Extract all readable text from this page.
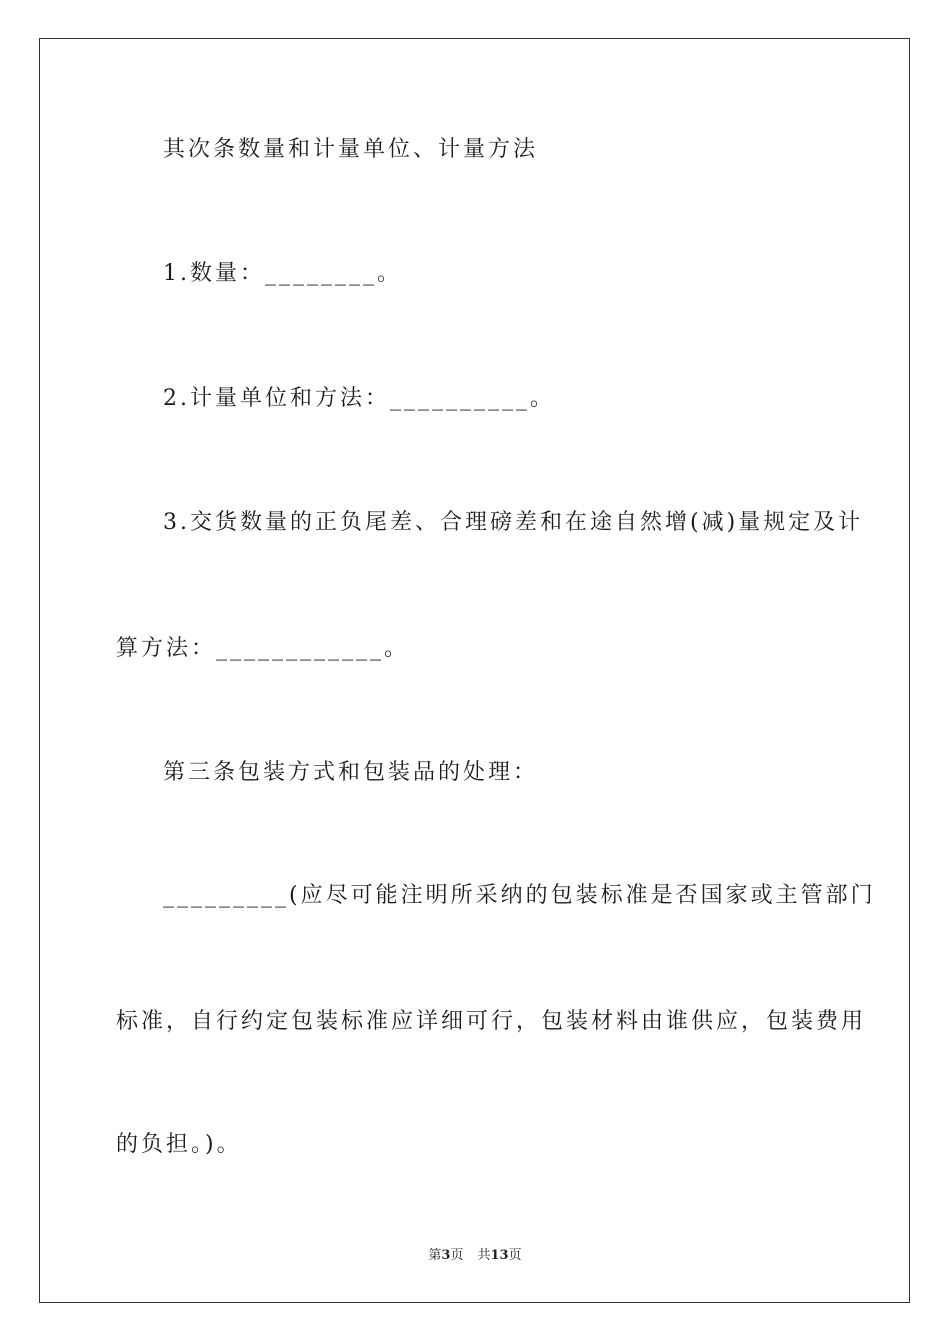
其次条数量和计量单位、计量方法
1.数量：________。
2.计量单位和方法：__________。
3.交货数量的正负尾差、合理磅差和在途自然增(减)量规定及计
算方法：____________。
第三条包装方式和包装品的处理：
_________(应尽可能注明所采纳的包装标准是否国家或主管部门
标准，自行约定包装标准应详细可行，包装材料由谁供应，包装费用
的负担。)。
第3页 共13页
